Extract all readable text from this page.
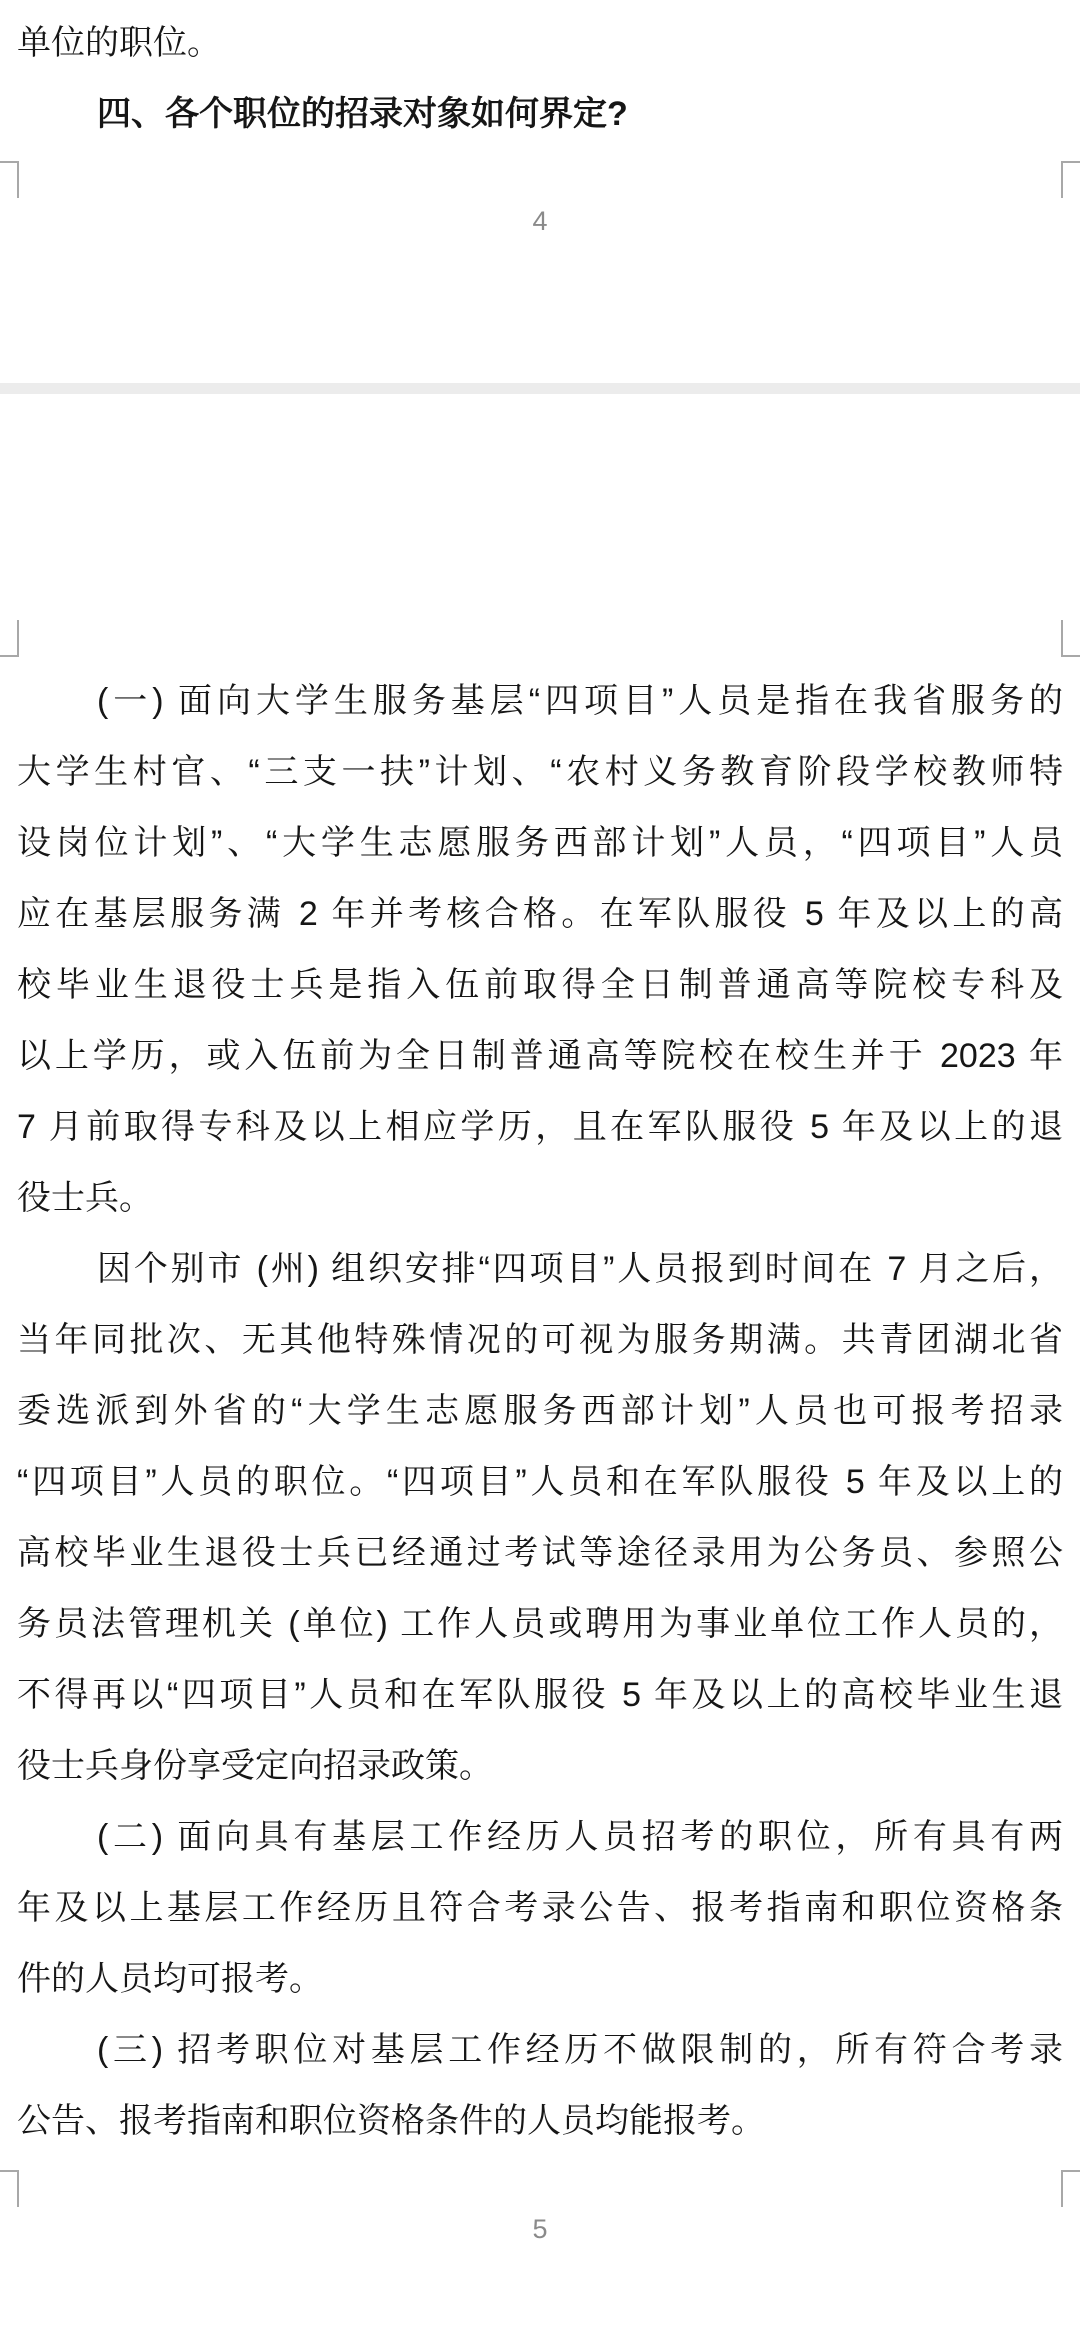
单位的职位。
四、各个职位的招录对象如何界定?
4
(一) 面向大学生服务基层“四项目”人员是指在我省服务的
大学生村官、“三支一扶”计划、“农村义务教育阶段学校教师特
设岗位计划”、“大学生志愿服务西部计划”人员，“四项目”人员
应在基层服务满 2 年并考核合格。在军队服役 5 年及以上的高
校毕业生退役士兵是指入伍前取得全日制普通高等院校专科及
以上学历，或入伍前为全日制普通高等院校在校生并于 2023 年
7 月前取得专科及以上相应学历，且在军队服役 5 年及以上的退
役士兵。
因个别市 (州) 组织安排“四项目”人员报到时间在 7 月之后，
当年同批次、无其他特殊情况的可视为服务期满。共青团湖北省
委选派到外省的“大学生志愿服务西部计划”人员也可报考招录
“四项目”人员的职位。“四项目”人员和在军队服役 5 年及以上的
高校毕业生退役士兵已经通过考试等途径录用为公务员、参照公
务员法管理机关 (单位) 工作人员或聘用为事业单位工作人员的，
不得再以“四项目”人员和在军队服役 5 年及以上的高校毕业生退
役士兵身份享受定向招录政策。
(二) 面向具有基层工作经历人员招考的职位，所有具有两
年及以上基层工作经历且符合考录公告、报考指南和职位资格条
件的人员均可报考。
(三) 招考职位对基层工作经历不做限制的，所有符合考录
公告、报考指南和职位资格条件的人员均能报考。
5
